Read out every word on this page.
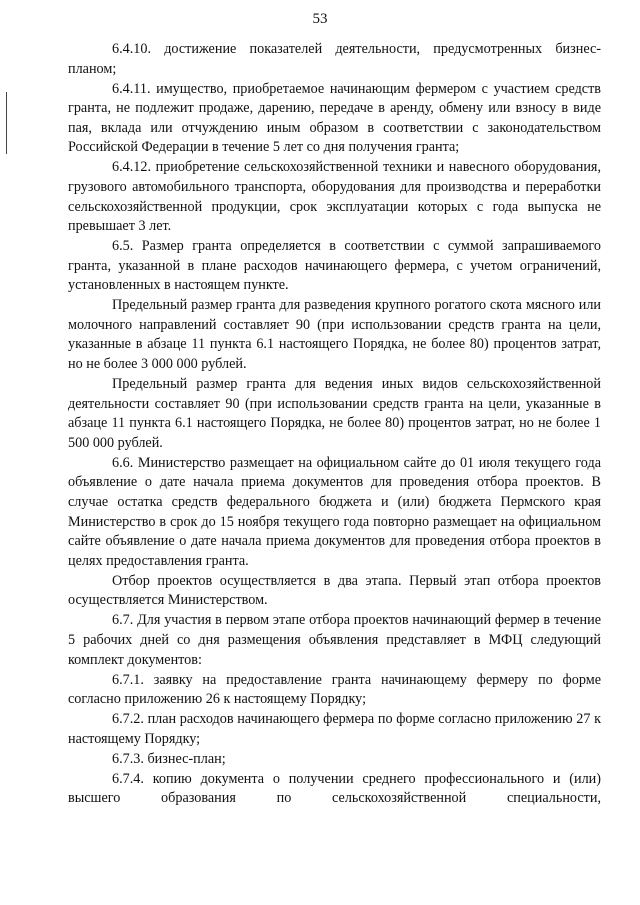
53

6.4.10. достижение показателей деятельности, предусмотренных бизнес-планом;

6.4.11. имущество, приобретаемое начинающим фермером с участием средств гранта, не подлежит продаже, дарению, передаче в аренду, обмену или взносу в виде пая, вклада или отчуждению иным образом в соответствии с законодательством Российской Федерации в течение 5 лет со дня получения гранта;

6.4.12. приобретение сельскохозяйственной техники и навесного оборудования, грузового автомобильного транспорта, оборудования для производства и переработки сельскохозяйственной продукции, срок эксплуатации которых с года выпуска не превышает 3 лет.

6.5. Размер гранта определяется в соответствии с суммой запрашиваемого гранта, указанной в плане расходов начинающего фермера, с учетом ограничений, установленных в настоящем пункте.

Предельный размер гранта для разведения крупного рогатого скота мясного или молочного направлений составляет 90 (при использовании средств гранта на цели, указанные в абзаце 11 пункта 6.1 настоящего Порядка, не более 80) процентов затрат, но не более 3 000 000 рублей.

Предельный размер гранта для ведения иных видов сельскохозяйственной деятельности составляет 90 (при использовании средств гранта на цели, указанные в абзаце 11 пункта 6.1 настоящего Порядка, не более 80) процентов затрат, но не более 1 500 000 рублей.

6.6. Министерство размещает на официальном сайте до 01 июля текущего года объявление о дате начала приема документов для проведения отбора проектов. В случае остатка средств федерального бюджета и (или) бюджета Пермского края Министерство в срок до 15 ноября текущего года повторно размещает на официальном сайте объявление о дате начала приема документов для проведения отбора проектов в целях предоставления гранта.

Отбор проектов осуществляется в два этапа. Первый этап отбора проектов осуществляется Министерством.

6.7. Для участия в первом этапе отбора проектов начинающий фермер в течение 5 рабочих дней со дня размещения объявления представляет в МФЦ следующий комплект документов:

6.7.1. заявку на предоставление гранта начинающему фермеру по форме согласно приложению 26 к настоящему Порядку;

6.7.2. план расходов начинающего фермера по форме согласно приложению 27 к настоящему Порядку;

6.7.3. бизнес-план;

6.7.4. копию документа о получении среднего профессионального и (или) высшего образования по сельскохозяйственной специальности,
